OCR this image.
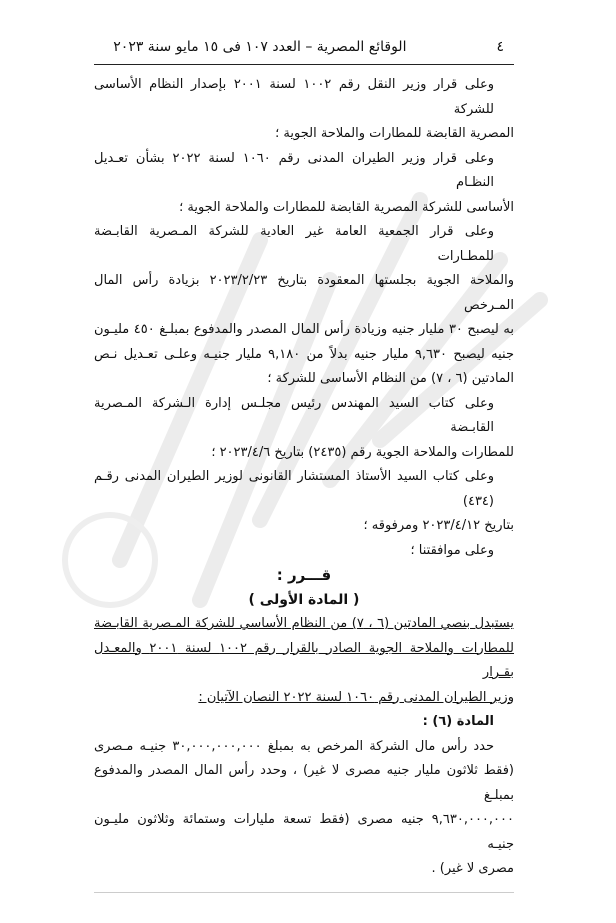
٤
الوقائع المصرية – العدد ١٠٧ فى ١٥ مايو سنة ٢٠٢٣
وعلى قرار وزير النقل رقم ١٠٠٢ لسنة ٢٠٠١ بإصدار النظام الأساسى للشركة
المصرية القابضة للمطارات والملاحة الجوية ؛
وعلى قرار وزير الطيران المدنى رقم ١٠٦٠ لسنة ٢٠٢٢ بشأن تعـديل النظـام
الأساسى للشركة المصرية القابضة للمطارات والملاحة الجوية ؛
وعلى قرار الجمعية العامة غير العادية للشركة المـصرية القابـضة للمطـارات
والملاحة الجوية بجلستها المعقودة بتاريخ ٢٠٢٣/٢/٢٣ بزيادة رأس المال المـرخص
به ليصبح ٣٠ مليار جنيه وزيادة رأس المال المصدر والمدفوع بمبلـغ ٤٥٠ مليـون
جنيه ليصبح ٩,٦٣٠ مليار جنيه بدلاً من ٩,١٨٠ مليار جنيـه وعلـى تعـديل نـص
المادتين (٦ ، ٧) من النظام الأساسى للشركة ؛
وعلى كتاب السيد المهندس رئيس مجلـس إدارة الـشركة المـصرية القابـضة
للمطارات والملاحة الجوية رقم (٢٤٣٥) بتاريخ ٢٠٢٣/٤/٦ ؛
وعلى كتاب السيد الأستاذ المستشار القانونى لوزير الطيران المدنى رقـم (٤٣٤)
بتاريخ ٢٠٢٣/٤/١٢ ومرفوقه ؛
وعلى موافقتنا ؛
قـــرر :
( المادة الأولى )
يستبدل بنصي المادتين (٦ ، ٧) من النظام الأساسي للشركة المـصرية القابـضة
للمطارات والملاحة الجوية الصادر بالقرار رقم ١٠٠٢ لسنة ٢٠٠١ والمعـدل بقـرار
وزير الطيران المدنى رقم ١٠٦٠ لسنة ٢٠٢٢ النصان الآتيان :
المادة (٦) :
حدد رأس مال الشركة المرخص به بمبلغ ٣٠,٠٠٠,٠٠٠,٠٠٠ جنيـه مـصرى
(فقط ثلاثون مليار جنيه مصرى لا غير) ، وحدد رأس المال المصدر والمدفوع بمبلـغ
٩,٦٣٠,٠٠٠,٠٠٠ جنيه مصرى (فقط تسعة مليارات وستمائة وثلاثون مليـون جنيـه
مصرى لا غير) .
